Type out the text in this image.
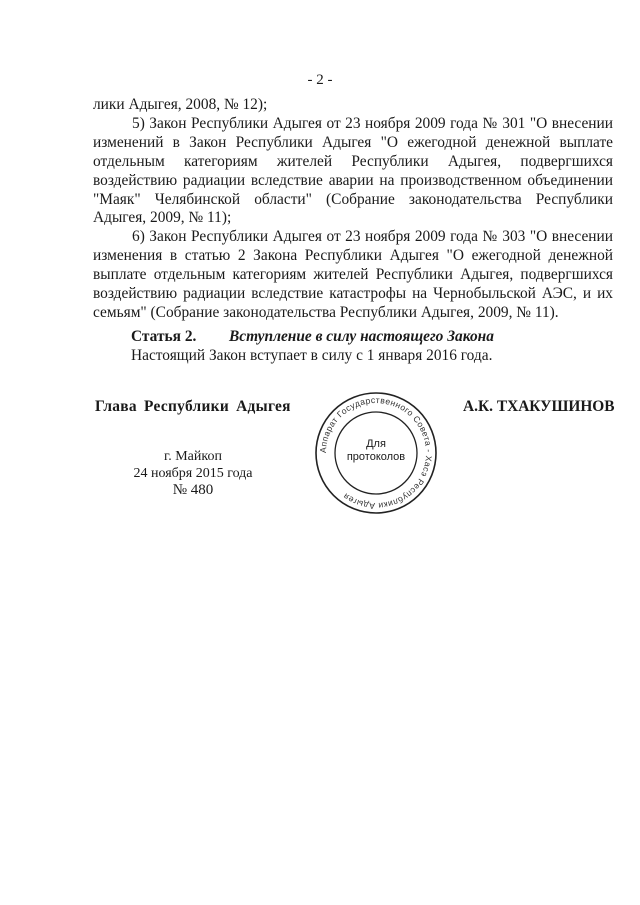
- 2 -

лики Адыгея, 2008, № 12);

5) Закон Республики Адыгея от 23 ноября 2009 года № 301 "О внесении изменений в Закон Республики Адыгея "О ежегодной денежной выплате отдельным категориям жителей Республики Адыгея, подвергшихся воздействию радиации вследствие аварии на производственном объединении "Маяк" Челябинской области" (Собрание законодательства Республики Адыгея, 2009, № 11);

6) Закон Республики Адыгея от 23 ноября 2009 года № 303 "О внесении изменения в статью 2 Закона Республики Адыгея "О ежегодной денежной выплате отдельным категориям жителей Республики Адыгея, подвергшихся воздействию радиации вследствие катастрофы на Чернобыльской АЭС, и их семьям" (Собрание законодательства Республики Адыгея, 2009, № 11).

Статья 2.	Вступление в силу настоящего Закона

Настоящий Закон вступает в силу с 1 января 2016 года.

Глава Республики Адыгея	А.К. ТХАКУШИНОВ
г. Майкоп
24 ноября 2015 года
№ 480
Аппарат Государственного Совета - Хасэ Республики Адыгея
Для
протоколов
